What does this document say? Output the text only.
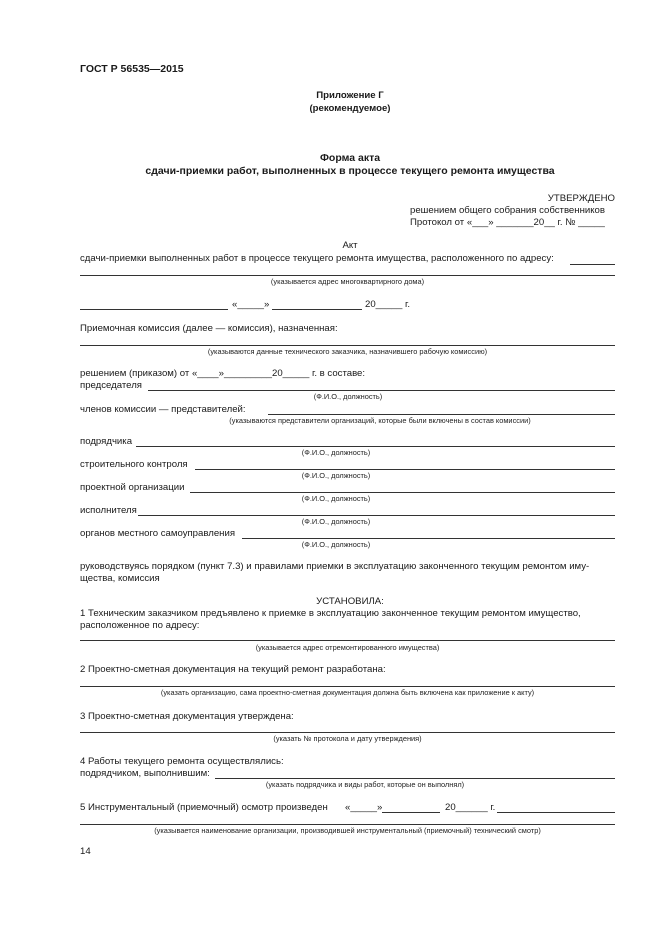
ГОСТ Р 56535—2015
Приложение Г
(рекомендуемое)
Форма акта
сдачи-приемки работ, выполненных в процессе текущего ремонта имущества
УТВЕРЖДЕНО
решением общего собрания собственников
Протокол от «___» _______20__ г. № _____
Акт
сдачи-приемки выполненных работ в процессе текущего ремонта имущества, расположенного по адресу:
(указывается адрес многоквартирного дома)
«_____»	20_____ г.
Приемочная комиссия (далее — комиссия), назначенная:
(указываются данные технического заказчика, назначившего рабочую комиссию)
решением (приказом) от «____»_________20_____ г. в составе:
председателя
(Ф.И.О., должность)
членов комиссии — представителей:
(указываются представители организаций, которые были включены в состав комиссии)
подрядчика
(Ф.И.О., должность)
строительного контроля
(Ф.И.О., должность)
проектной организации
(Ф.И.О., должность)
исполнителя
(Ф.И.О., должность)
органов местного самоуправления
(Ф.И.О., должность)
руководствуясь порядком (пункт 7.3) и правилами приемки в эксплуатацию законченного текущим ремонтом иму-
щества, комиссия
УСТАНОВИЛА:
1 Техническим заказчиком предъявлено к приемке в эксплуатацию законченное текущим ремонтом имущество,
расположенное по адресу:
(указывается адрес отремонтированного имущества)
2 Проектно-сметная документация на текущий ремонт разработана:
(указать организацию, сама проектно-сметная документация должна быть включена как приложение к акту)
3 Проектно-сметная документация утверждена:
(указать № протокола и дату утверждения)
4 Работы текущего ремонта осуществлялись:
подрядчиком, выполнившим:
(указать подрядчика и виды работ, которые он выполнял)
5 Инструментальный (приемочный) осмотр произведен «_____»	20______ г.
(указывается наименование организации, производившей инструментальный (приемочный) технический смотр)
14
